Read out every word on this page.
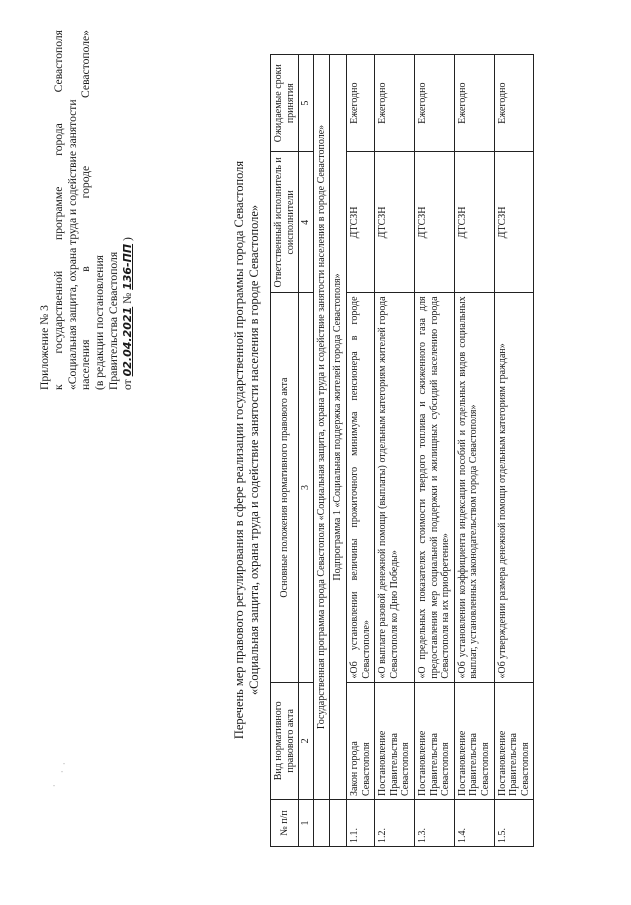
Приложение № 3 к
государственной
программе
города
Севастополя
«Социальная защита, охрана труда и содействие занятости населения
в
городе
Севастополе»
(в редакции постановления Правительства Севастополя от 02.04.2021 № 136-ПП )	Перечень мер правового регулирования в сфере реализации государственной программы города Севастополя «Социальная защита, охрана труда и содействие занятости населения в городе Севастополе»
№ п/п	Вид нормативного правового акта	Основные положения нормативного правового акта	Ответственный исполнитель и соисполнители	Ожидаемые сроки принятия
1	2	3	4	5
	Государственная программа города Севастополя «Социальная защита, охрана труда и содействие занятости населения в городе Севастополе»			
	Подпрограмма 1 «Социальная поддержка жителей города Севастополя»			
1.1.	Закон города Севастополя	«Об установлении величины прожиточного минимума пенсионера в городе Севастополе»	ДТСЗН	Ежегодно
1.2.	Постановление Правительства Севастополя	«О выплате разовой денежной помощи (выплаты) отдельным категориям жителей города Севастополя ко Дню Победы»	ДТСЗН	Ежегодно
1.3.	Постановление Правительства Севастополя	«О предельных показателях стоимости твердого топлива и сжиженного газа для предоставления мер социальной поддержки и жилищных субсидий населению города Севастополя на их приобретение»	ДТСЗН	Ежегодно
1.4.	Постановление Правительства Севастополя	«Об установлении коэффициента индексации пособий и отдельных видов социальных выплат, установленных законодательством города Севастополя»	ДТСЗН	Ежегодно
1.5.	Постановление Правительства Севастополя	«Об утверждении размера денежной помощи отдельным категориям граждан»	ДТСЗН	Ежегодно
·
·
·
